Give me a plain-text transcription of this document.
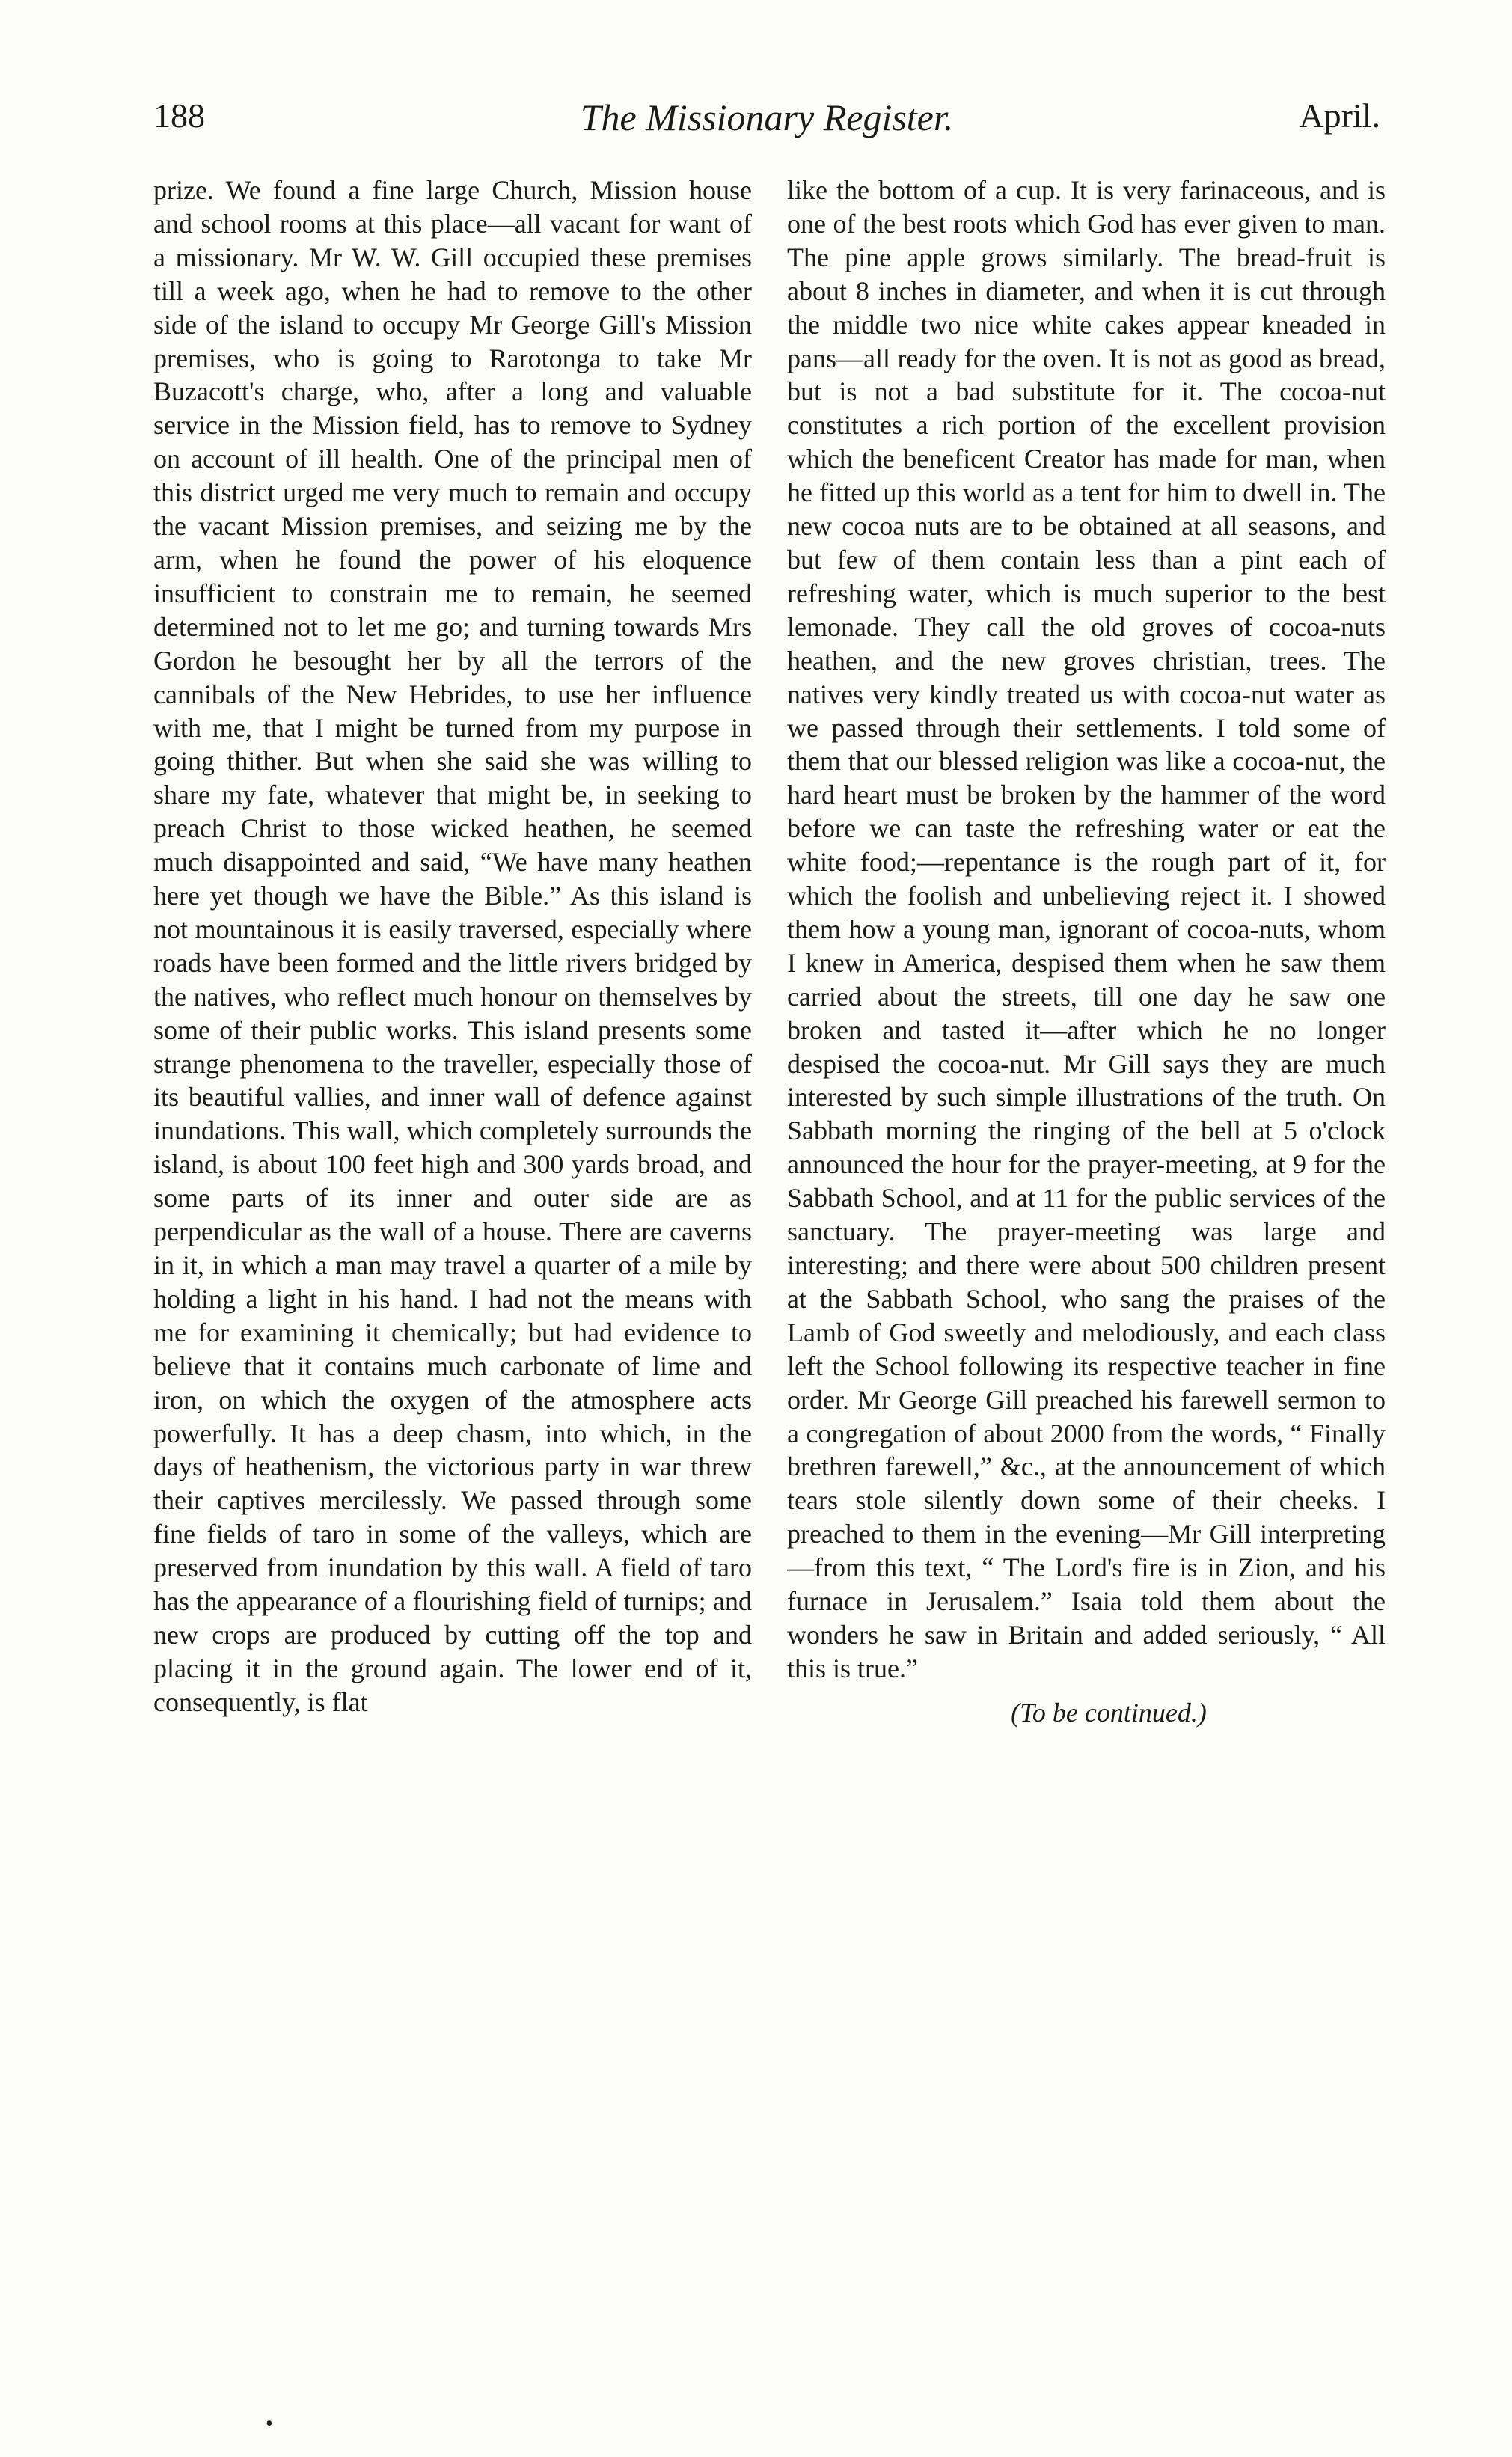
188	The Missionary Register.	April.

prize. We found a fine large Church, Mission house and school rooms at this place—all vacant for want of a missionary. Mr W. W. Gill occupied these premises till a week ago, when he had to remove to the other side of the island to occupy Mr George Gill's Mission premises, who is going to Rarotonga to take Mr Buzacott's charge, who, after a long and valuable service in the Mission field, has to remove to Sydney on account of ill health. One of the principal men of this district urged me very much to remain and occupy the vacant Mission premises, and seizing me by the arm, when he found the power of his eloquence insufficient to constrain me to remain, he seemed determined not to let me go; and turning towards Mrs Gordon he besought her by all the terrors of the cannibals of the New Hebrides, to use her influence with me, that I might be turned from my purpose in going thither. But when she said she was willing to share my fate, whatever that might be, in seeking to preach Christ to those wicked heathen, he seemed much disappointed and said, “We have many heathen here yet though we have the Bible.” As this island is not mountainous it is easily traversed, especially where roads have been formed and the little rivers bridged by the natives, who reflect much honour on themselves by some of their public works. This island presents some strange phenomena to the traveller, especially those of its beautiful vallies, and inner wall of defence against inundations. This wall, which completely surrounds the island, is about 100 feet high and 300 yards broad, and some parts of its inner and outer side are as perpendicular as the wall of a house. There are caverns in it, in which a man may travel a quarter of a mile by holding a light in his hand. I had not the means with me for examining it chemically; but had evidence to believe that it contains much carbonate of lime and iron, on which the oxygen of the atmosphere acts powerfully. It has a deep chasm, into which, in the days of heathenism, the victorious party in war threw their captives mercilessly. We passed through some fine fields of taro in some of the valleys, which are preserved from inundation by this wall. A field of taro has the appearance of a flourishing field of turnips; and new crops are produced by cutting off the top and placing it in the ground again. The lower end of it, consequently, is flat

like the bottom of a cup. It is very farinaceous, and is one of the best roots which God has ever given to man. The pine apple grows similarly. The bread-fruit is about 8 inches in diameter, and when it is cut through the middle two nice white cakes appear kneaded in pans—all ready for the oven. It is not as good as bread, but is not a bad substitute for it. The cocoa-nut constitutes a rich portion of the excellent provision which the beneficent Creator has made for man, when he fitted up this world as a tent for him to dwell in. The new cocoa nuts are to be obtained at all seasons, and but few of them contain less than a pint each of refreshing water, which is much superior to the best lemonade. They call the old groves of cocoa-nuts heathen, and the new groves christian, trees. The natives very kindly treated us with cocoa-nut water as we passed through their settlements. I told some of them that our blessed religion was like a cocoa-nut, the hard heart must be broken by the hammer of the word before we can taste the refreshing water or eat the white food;—repentance is the rough part of it, for which the foolish and unbelieving reject it. I showed them how a young man, ignorant of cocoa-nuts, whom I knew in America, despised them when he saw them carried about the streets, till one day he saw one broken and tasted it—after which he no longer despised the cocoa-nut. Mr Gill says they are much interested by such simple illustrations of the truth. On Sabbath morning the ringing of the bell at 5 o'clock announced the hour for the prayer-meeting, at 9 for the Sabbath School, and at 11 for the public services of the sanctuary. The prayer-meeting was large and interesting; and there were about 500 children present at the Sabbath School, who sang the praises of the Lamb of God sweetly and melodiously, and each class left the School following its respective teacher in fine order. Mr George Gill preached his farewell sermon to a congregation of about 2000 from the words, “ Finally brethren farewell,” &c., at the announcement of which tears stole silently down some of their cheeks. I preached to them in the evening—Mr Gill interpreting—from this text, “ The Lord's fire is in Zion, and his furnace in Jerusalem.” Isaia told them about the wonders he saw in Britain and added seriously, “ All this is true.”

(To be continued.)
•
